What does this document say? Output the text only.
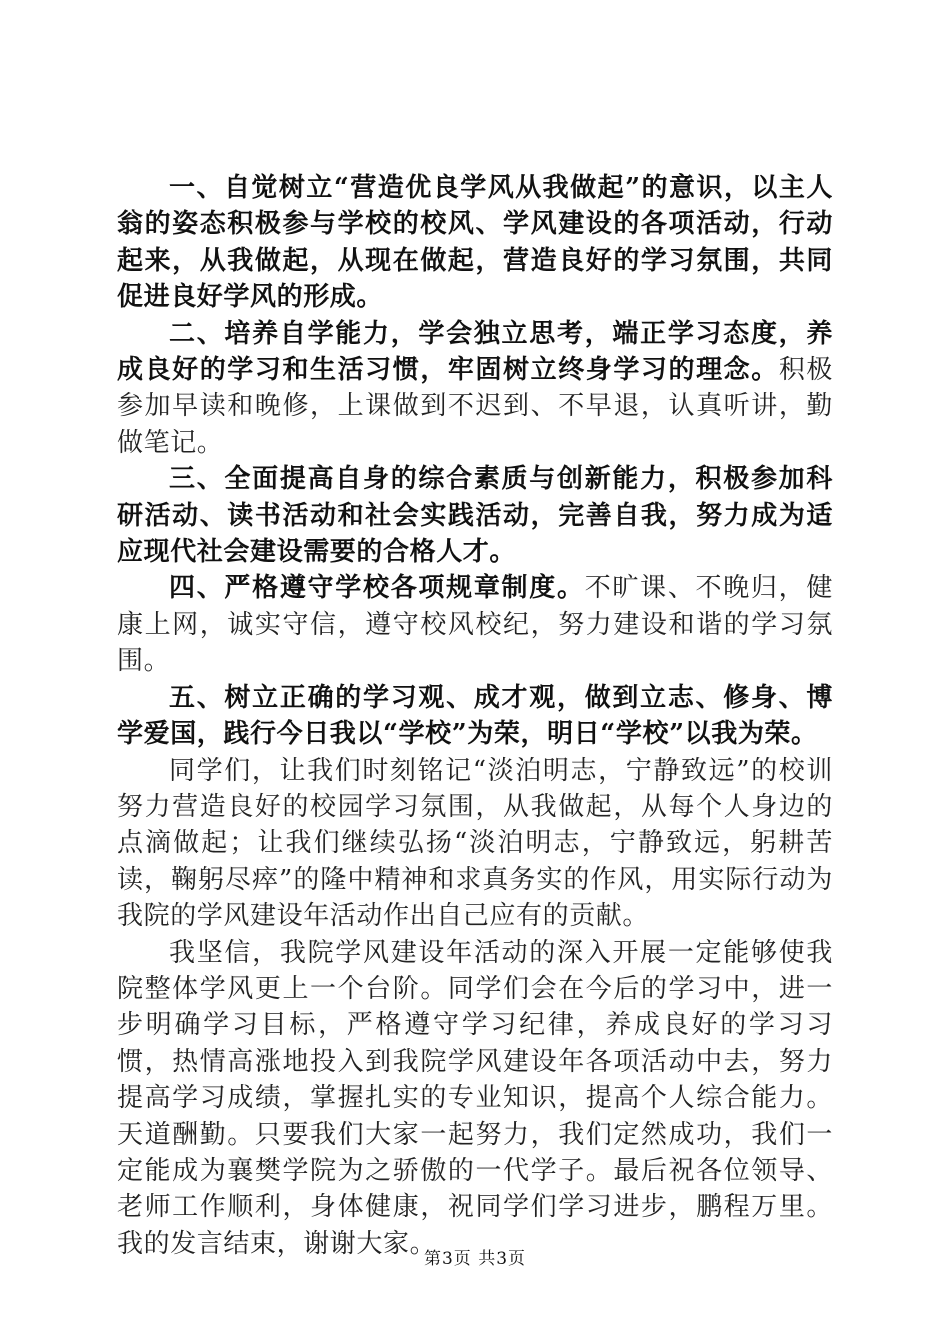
一、自觉树立“营造优良学风从我做起”的意识，以主人翁的姿态积极参与学校的校风、学风建设的各项活动，行动起来，从我做起，从现在做起，营造良好的学习氛围，共同促进良好学风的形成。

二、培养自学能力，学会独立思考，端正学习态度，养成良好的学习和生活习惯，牢固树立终身学习的理念。积极参加早读和晚修，上课做到不迟到、不早退，认真听讲，勤做笔记。

三、全面提高自身的综合素质与创新能力，积极参加科研活动、读书活动和社会实践活动，完善自我，努力成为适应现代社会建设需要的合格人才。

四、严格遵守学校各项规章制度。不旷课、不晚归，健康上网，诚实守信，遵守校风校纪，努力建设和谐的学习氛围。

五、树立正确的学习观、成才观，做到立志、修身、博学爱国，践行今日我以“学校”为荣，明日“学校”以我为荣。

同学们，让我们时刻铭记“淡泊明志，宁静致远”的校训努力营造良好的校园学习氛围，从我做起，从每个人身边的点滴做起；让我们继续弘扬“淡泊明志，宁静致远，躬耕苦读，鞠躬尽瘁”的隆中精神和求真务实的作风，用实际行动为我院的学风建设年活动作出自己应有的贡献。

我坚信，我院学风建设年活动的深入开展一定能够使我院整体学风更上一个台阶。同学们会在今后的学习中，进一步明确学习目标，严格遵守学习纪律，养成良好的学习习惯，热情高涨地投入到我院学风建设年各项活动中去，努力提高学习成绩，掌握扎实的专业知识，提高个人综合能力。天道酬勤。只要我们大家一起努力，我们定然成功，我们一定能成为襄樊学院为之骄傲的一代学子。最后祝各位领导、老师工作顺利，身体健康，祝同学们学习进步，鹏程万里。我的发言结束，谢谢大家。

第3页 共3页
